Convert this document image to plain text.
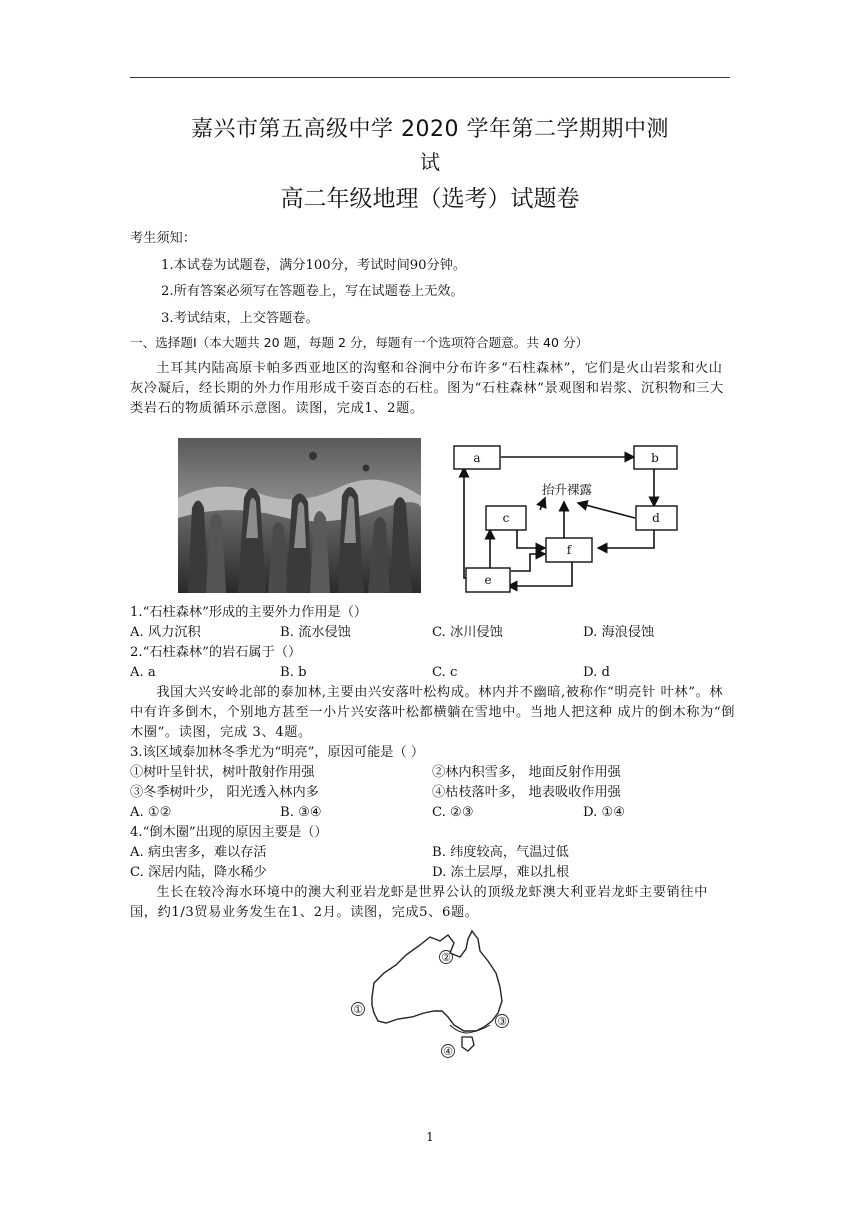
嘉兴市第五高级中学 2020 学年第二学期期中测
试
高二年级地理（选考）试题卷
考生须知：
1.本试卷为试题卷，满分100分，考试时间90分钟。
2.所有答案必须写在答题卷上，写在试题卷上无效。
3.考试结束，上交答题卷。
一、选择题Ⅰ（本大题共 20 题，每题 2 分，每题有一个选项符合题意。共 40 分）
土耳其内陆高原卡帕多西亚地区的沟壑和谷涧中分布许多“石柱森林”，它们是火山岩浆和火山灰冷凝后，经长期的外力作用形成千姿百态的石柱。图为“石柱森林”景观图和岩浆、沉积物和三大类岩石的物质循环示意图。读图，完成1、2题。
a	b
c	d
f
e
抬升裸露
1.“石柱森林”形成的主要外力作用是（）
A. 风力沉积	B. 流水侵蚀	C. 冰川侵蚀	D. 海浪侵蚀
2.“石柱森林”的岩石属于（）
A. a	B. b	C. c	D. d
我国大兴安岭北部的泰加林,主要由兴安落叶松构成。林内并不幽暗,被称作“明亮针 叶林”。林中有许多倒木，个别地方甚至一小片兴安落叶松都横躺在雪地中。当地人把这种 成片的倒木称为“倒木圈”。读图，完成 3、4题。
3.该区域泰加林冬季尤为“明亮”，原因可能是（ ）
①树叶呈针状，树叶散射作用强	②林内积雪多， 地面反射作用强
③冬季树叶少， 阳光透入林内多	④枯枝落叶多， 地表吸收作用强
A. ①②	B. ③④	C. ②③	D. ①④
4.“倒木圈”出现的原因主要是（）
A. 病虫害多，难以存活	B. 纬度较高，气温过低
C. 深居内陆，降水稀少	D. 冻土层厚，难以扎根
生长在较冷海水环境中的澳大利亚岩龙虾是世界公认的顶级龙虾澳大利亚岩龙虾主要销往中国，约1/3贸易业务发生在1、2月。读图，完成5、6题。
①
②
③
④
1
